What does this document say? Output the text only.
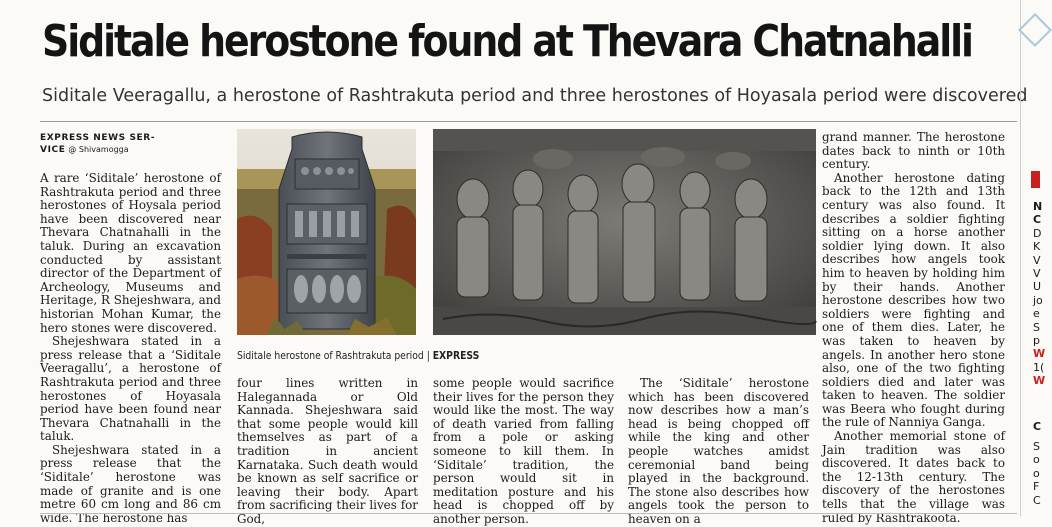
Siditale herostone found at Thevara Chatnahalli
Siditale Veeragallu, a herostone of Rashtrakuta period and three herostones of Hoyasala period were discovered
EXPRESS NEWS SER-
VICE @ Shivamogga

A rare ‘Siditale’ herostone of Rashtrakuta period and three herostones of Hoysala period have been discovered near Thevara Chatnahalli in the taluk. During an excavation conducted by assistant director of the Department of Archeology, Museums and Heritage, R Shejeshwara, and historian Mohan Kumar, the hero stones were discovered.

Shejeshwara stated in a press release that a ‘Siditale Veeragallu’, a herostone of Rashtrakuta period and three herostones of Hoyasala period have been found near Thevara Chatnahalli in the taluk.

Shejeshwara stated in a press release that the ‘Siditale’ herostone was made of granite and is one metre 60 cm long and 86 cm wide. The herostone has

Siditale herostone of Rashtrakuta period | EXPRESS

four lines written in Halegannada or Old Kannada. Shejeshwara said that some people would kill themselves as part of a tradition in ancient Karnataka. Such death would be known as self sacrifice or leaving their body. Apart from sacrificing their lives for God,

some people would sacrifice their lives for the person they would like the most. The way of death varied from falling from a pole or asking someone to kill them. In ‘Siditale’ tradition, the person would sit in meditation posture and his head is chopped off by another person.

The ‘Siditale’ herostone which has been discovered now describes how a man’s head is being chopped off while the king and other people watches amidst ceremonial band being played in the background. The stone also describes how angels took the person to heaven on a

grand manner. The herostone dates back to ninth or 10th century.

Another herostone dating back to the 12th and 13th century was also found. It describes a soldier fighting sitting on a horse another soldier lying down. It also describes how angels took him to heaven by holding him by their hands. Another herostone describes how two soldiers were fighting and one of them dies. Later, he was taken to heaven by angels. In another hero stone also, one of the two fighting soldiers died and later was taken to heaven. The soldier was Beera who fought during the rule of Nanniya Ganga.

Another memorial stone of Jain tradition was also discovered. It dates back to the 12-13th century. The discovery of the herostones tells that the village was ruled by Rashtrakoota.

N
C
D
K
V
V
U
jo
e
S
p
W
1(
W
C
S
o
o
F
C
